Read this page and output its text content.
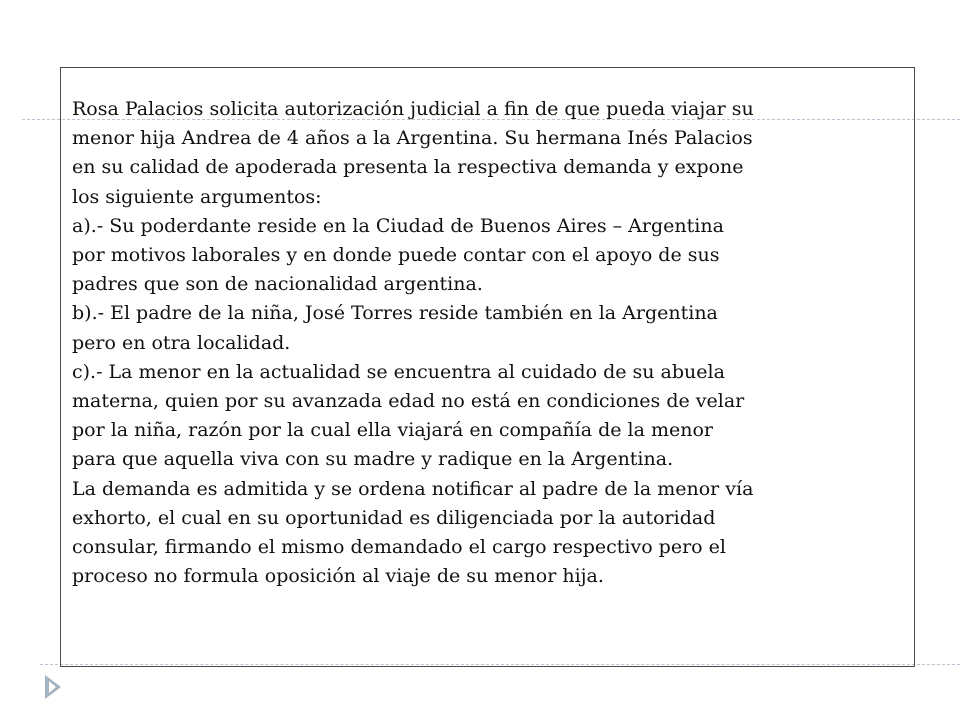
Rosa Palacios solicita autorización judicial a fin de que pueda viajar su
menor hija Andrea de 4 años a la Argentina. Su hermana Inés Palacios
en su calidad de apoderada presenta la respectiva demanda y expone
los siguiente argumentos:
a).- Su poderdante reside en la Ciudad de Buenos Aires – Argentina
por motivos laborales y en donde puede contar con el apoyo de sus
padres que son de nacionalidad argentina.
b).- El padre de la niña, José Torres reside también en la Argentina
pero en otra localidad.
c).- La menor en la actualidad se encuentra al cuidado de su abuela
materna, quien por su avanzada edad no está en condiciones de velar
por la niña, razón por la cual ella viajará en compañía de la menor
para que aquella viva con su madre y radique en la Argentina.
La demanda es admitida y se ordena notificar al padre de la menor vía
exhorto, el cual en su oportunidad es diligenciada por la autoridad
consular, firmando el mismo demandado el cargo respectivo pero el
proceso no formula oposición al viaje de su menor hija.
